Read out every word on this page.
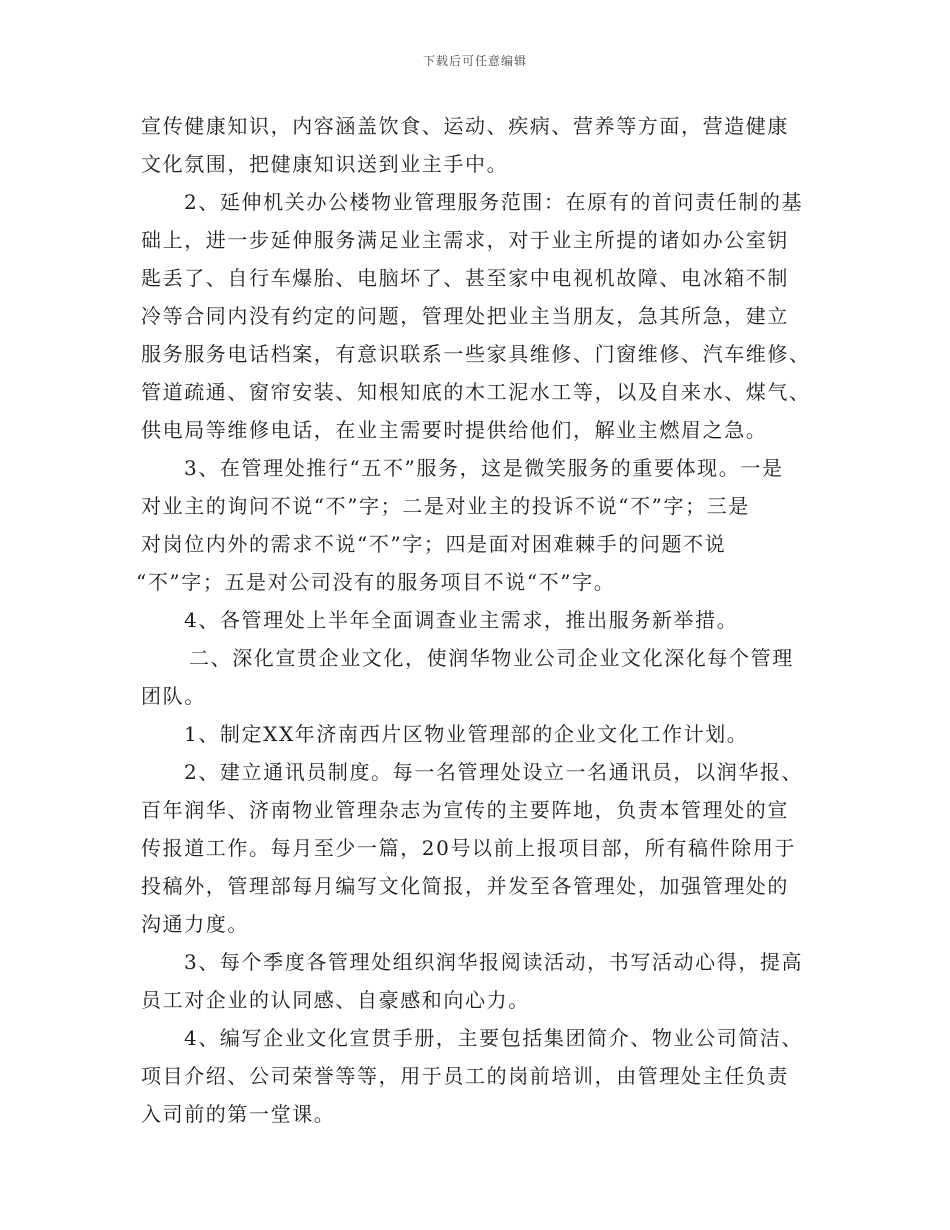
下载后可任意编辑
宣传健康知识，内容涵盖饮食、运动、疾病、营养等方面，营造健康
文化氛围，把健康知识送到业主手中。
2、延伸机关办公楼物业管理服务范围：在原有的首问责任制的基
础上，进一步延伸服务满足业主需求，对于业主所提的诸如办公室钥
匙丢了、自行车爆胎、电脑坏了、甚至家中电视机故障、电冰箱不制
冷等合同内没有约定的问题，管理处把业主当朋友，急其所急，建立
服务服务电话档案，有意识联系一些家具维修、门窗维修、汽车维修、
管道疏通、窗帘安装、知根知底的木工泥水工等，以及自来水、煤气、
供电局等维修电话，在业主需要时提供给他们，解业主燃眉之急。
3、在管理处推行“五不”服务，这是微笑服务的重要体现。一是
对业主的询问不说“不”字；二是对业主的投诉不说“不”字；三是
对岗位内外的需求不说“不”字；四是面对困难棘手的问题不说
“不”字；五是对公司没有的服务项目不说“不”字。
4、各管理处上半年全面调查业主需求，推出服务新举措。
二、深化宣贯企业文化，使润华物业公司企业文化深化每个管理
团队。
1、制定XX年济南西片区物业管理部的企业文化工作计划。
2、建立通讯员制度。每一名管理处设立一名通讯员，以润华报、
百年润华、济南物业管理杂志为宣传的主要阵地，负责本管理处的宣
传报道工作。每月至少一篇，20号以前上报项目部，所有稿件除用于
投稿外，管理部每月编写文化简报，并发至各管理处，加强管理处的
沟通力度。
3、每个季度各管理处组织润华报阅读活动，书写活动心得，提高
员工对企业的认同感、自豪感和向心力。
4、编写企业文化宣贯手册，主要包括集团简介、物业公司简洁、
项目介绍、公司荣誉等等，用于员工的岗前培训，由管理处主任负责
入司前的第一堂课。
